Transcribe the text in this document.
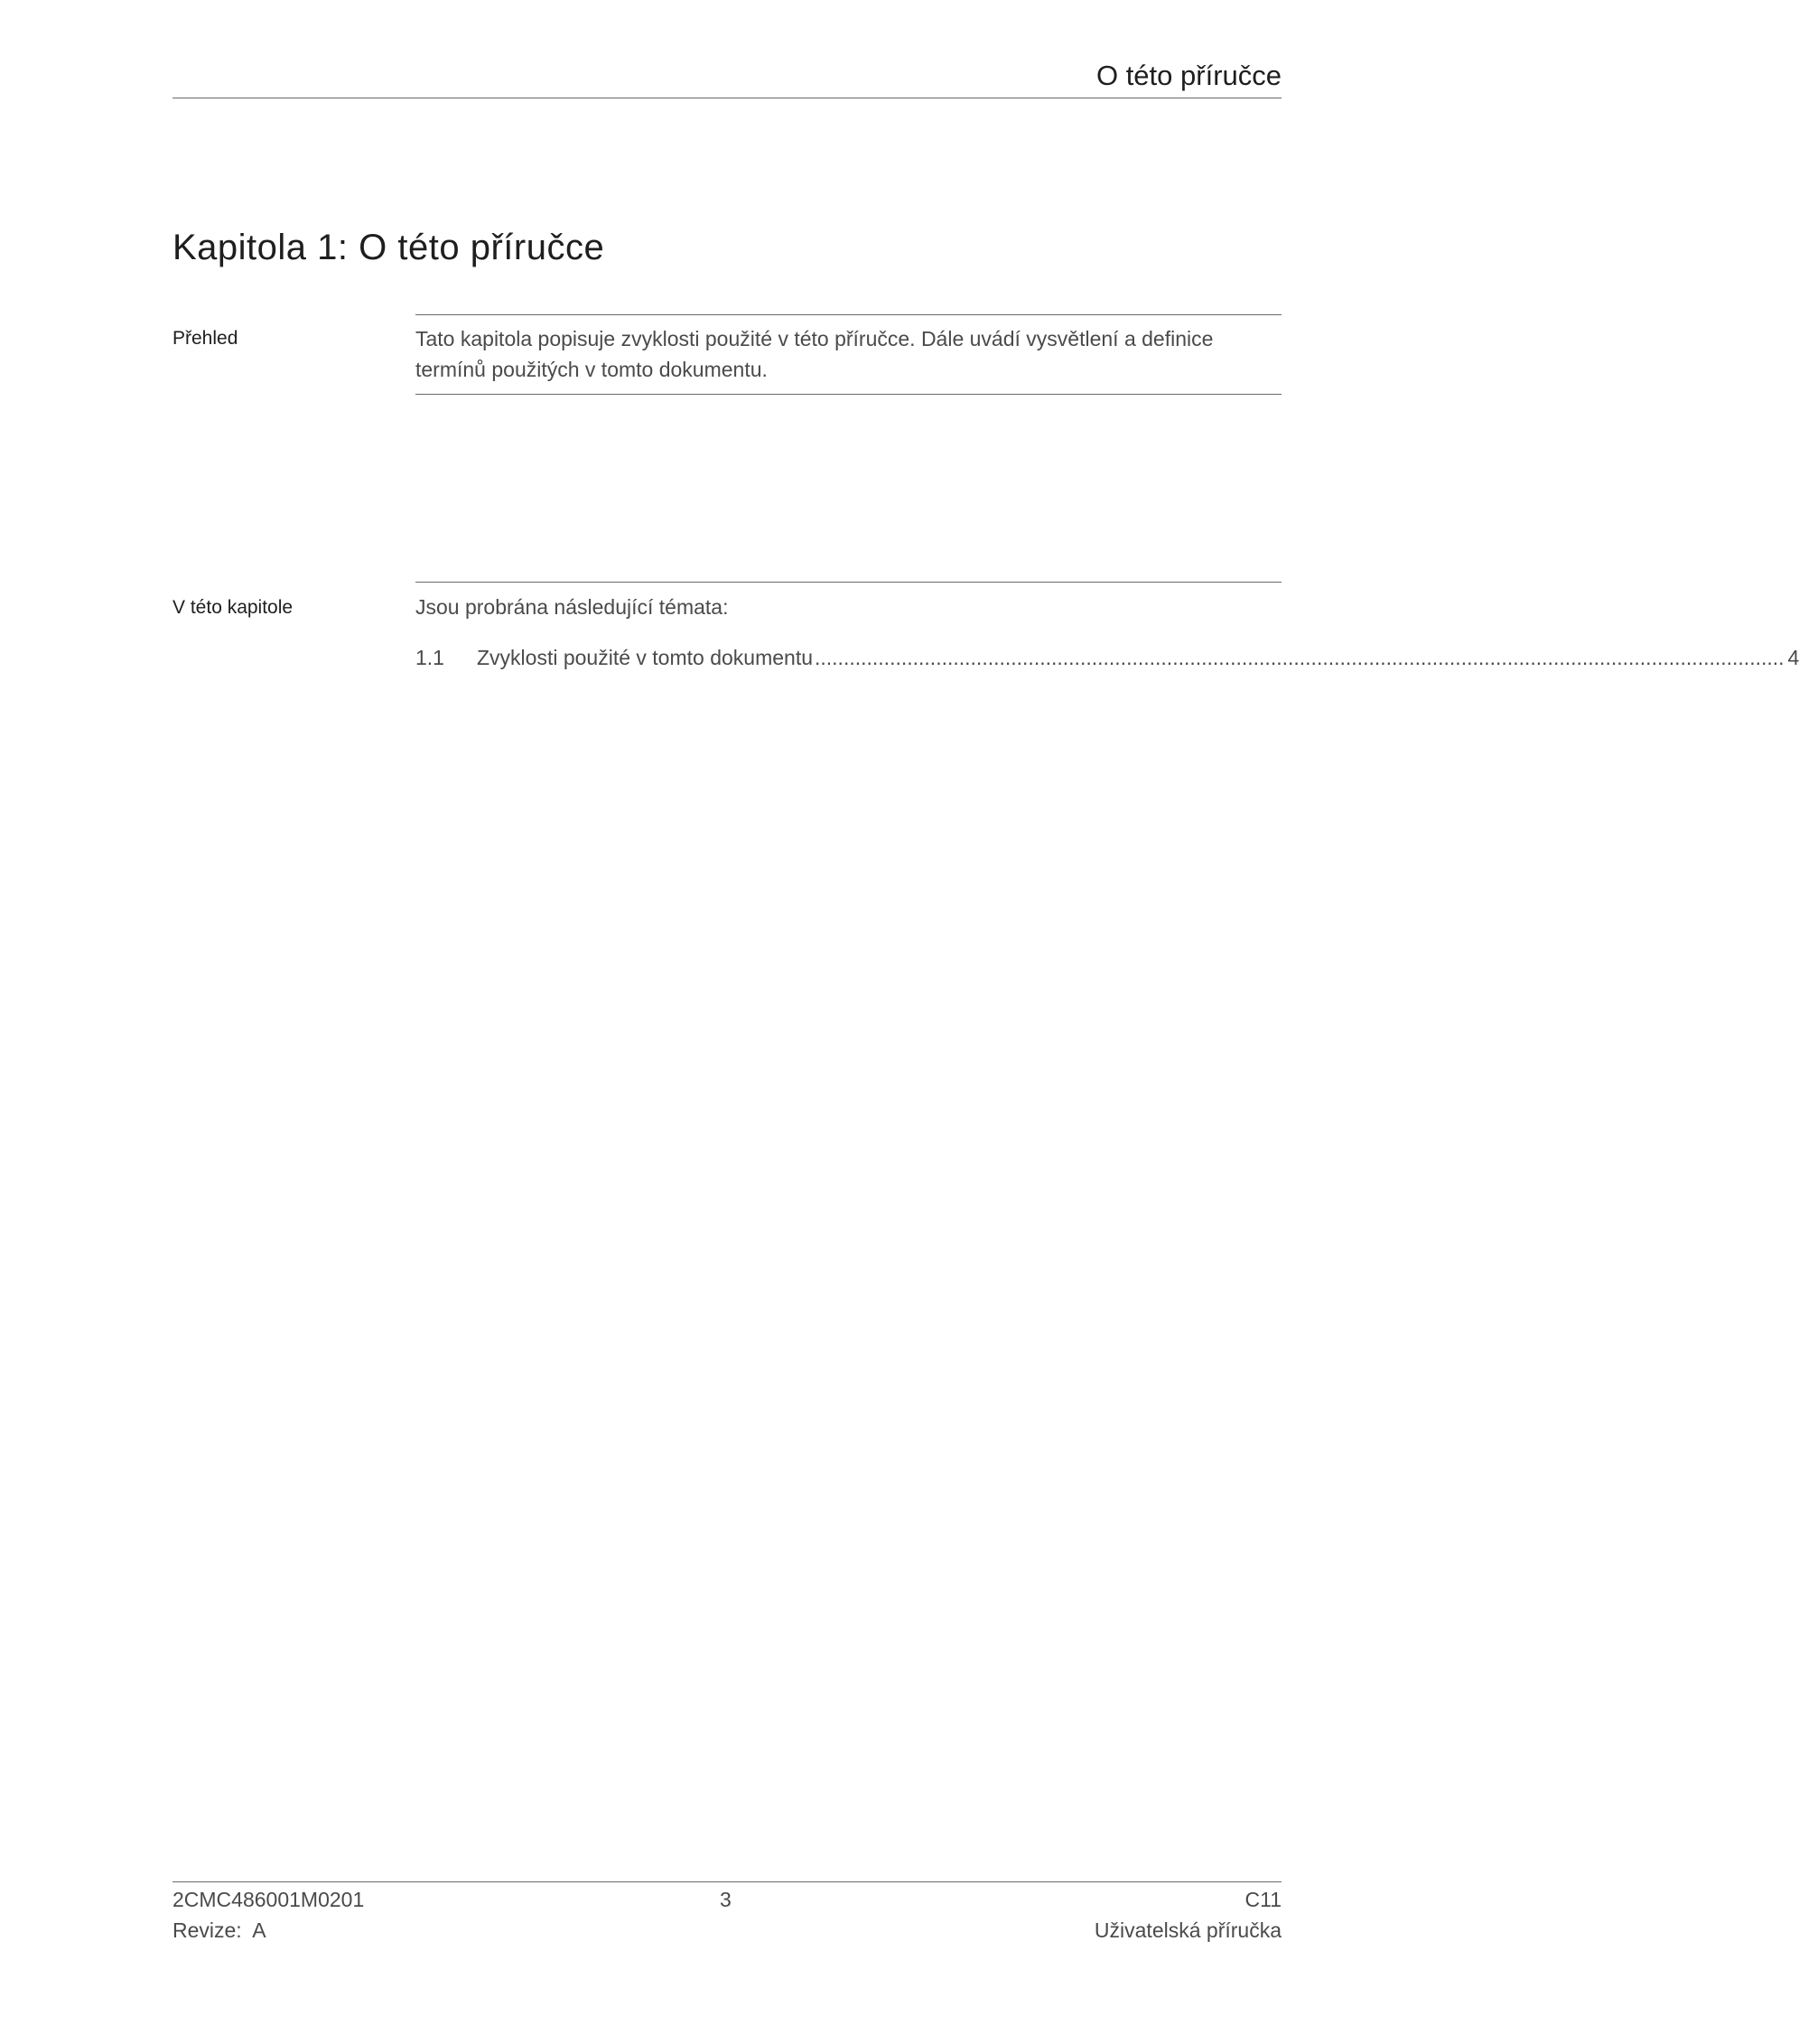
O této příručce
Kapitola 1: O této příručce
Přehled	Tato kapitola popisuje zvyklosti použité v této příručce. Dále uvádí vysvětlení a definice termínů použitých v tomto dokumentu.

V této kapitole	Jsou probrána následující témata:

1.1	Zvyklosti použité v tomto dokumentu ........................................................................................................................................................................ 4
2CMC486001M0201
Revize:  A
3	C11
Uživatelská příručka
